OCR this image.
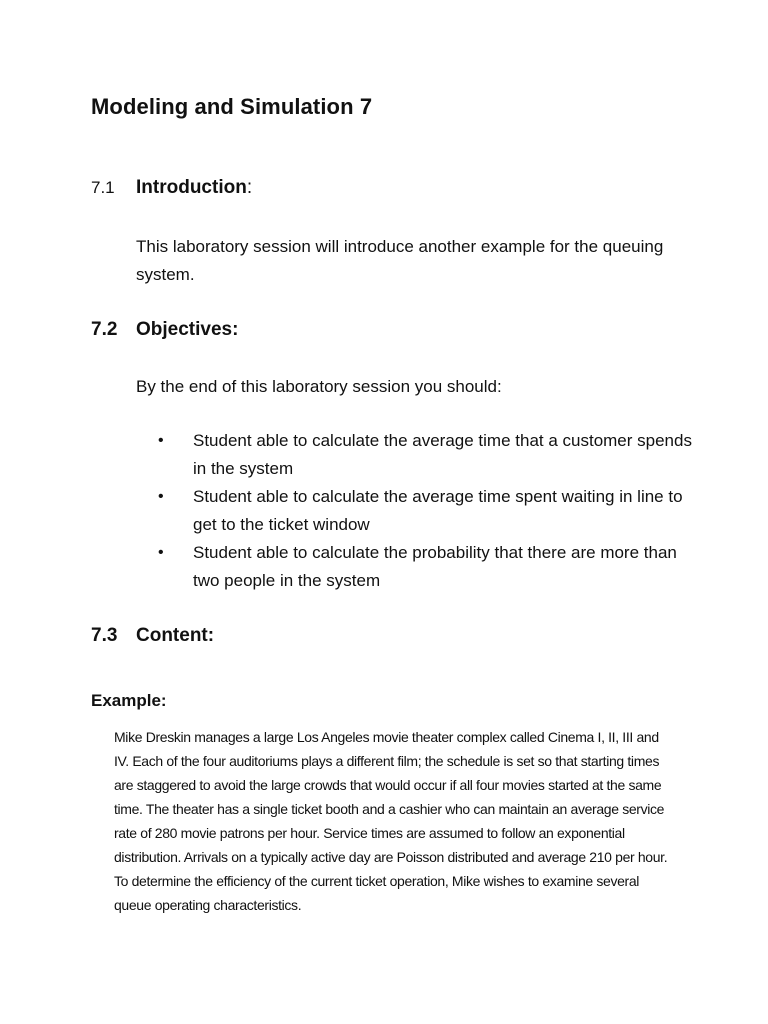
Modeling and Simulation 7
7.1 Introduction:

This laboratory session will introduce another example for the queuing system.

7.2 Objectives:

By the end of this laboratory session you should:

• Student able to calculate the average time that a customer spends in the system
• Student able to calculate the average time spent waiting in line to get to the ticket window
• Student able to calculate the probability that there are more than two people in the system
7.3 Content:
Example:

Mike Dreskin manages a large Los Angeles movie theater complex called Cinema I, II, III and IV. Each of the four auditoriums plays a different film; the schedule is set so that starting times are staggered to avoid the large crowds that would occur if all four movies started at the same time. The theater has a single ticket booth and a cashier who can maintain an average service rate of 280 movie patrons per hour. Service times are assumed to follow an exponential distribution. Arrivals on a typically active day are Poisson distributed and average 210 per hour. To determine the efficiency of the current ticket operation, Mike wishes to examine several queue operating characteristics.
